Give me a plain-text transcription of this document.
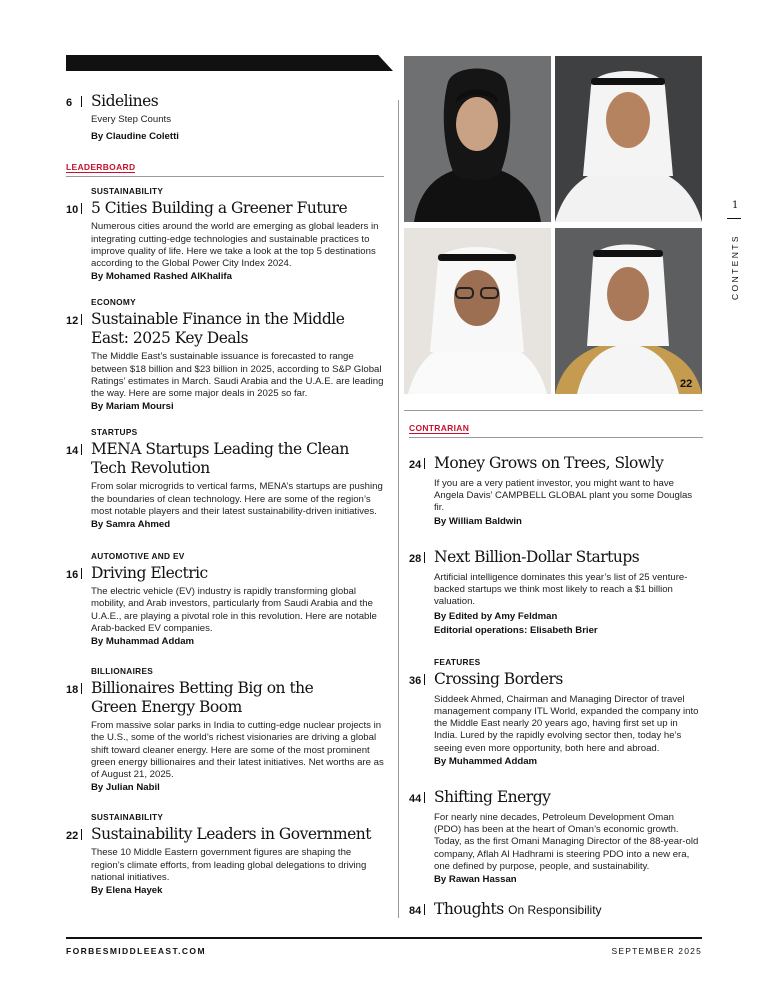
6	Sidelines
Every Step Counts
By Claudine Coletti
LEADERBOARD
SUSTAINABILITY
10 5 Cities Building a Greener Future
Numerous cities around the world are emerging as global leaders in integrating cutting-edge technologies and sustainable practices to improve quality of life. Here we take a look at the top 5 destinations according to the Global Power City Index 2024.
By Mohamed Rashed AlKhalifa
ECONOMY
12 Sustainable Finance in the Middle East: 2025 Key Deals
The Middle East’s sustainable issuance is forecasted to range between $18 billion and $23 billion in 2025, according to S&P Global Ratings’ estimates in March. Saudi Arabia and the U.A.E. are leading the way. Here are some major deals in 2025 so far.
By Mariam Moursi
STARTUPS
14 MENA Startups Leading the Clean Tech Revolution
From solar microgrids to vertical farms, MENA’s startups are pushing the boundaries of clean technology. Here are some of the region’s most notable players and their latest sustainability-driven initiatives.
By Samra Ahmed
AUTOMOTIVE AND EV
16 Driving Electric
The electric vehicle (EV) industry is rapidly transforming global mobility, and Arab investors, particularly from Saudi Arabia and the U.A.E., are playing a pivotal role in this revolution. Here are notable Arab-backed EV companies.
By Muhammad Addam
BILLIONAIRES
18 Billionaires Betting Big on the Green Energy Boom
From massive solar parks in India to cutting-edge nuclear projects in the U.S., some of the world’s richest visionaries are driving a global shift toward cleaner energy. Here are some of the most prominent green energy billionaires and their latest initiatives. Net worths are as of August 21, 2025.
By Julian Nabil
SUSTAINABILITY
22 Sustainability Leaders in Government
These 10 Middle Eastern government figures are shaping the region’s climate efforts, from leading global delegations to driving national initiatives.
By Elena Hayek
22
CONTRARIAN
24 Money Grows on Trees, Slowly
If you are a very patient investor, you might want to have Angela Davis’ CAMPBELL GLOBAL plant you some Douglas fir.
By William Baldwin
28 Next Billion-Dollar Startups
Artificial intelligence dominates this year’s list of 25 venture-backed startups we think most likely to reach a $1 billion valuation.
By Edited by Amy Feldman
Editorial operations: Elisabeth Brier
FEATURES
36 Crossing Borders
Siddeek Ahmed, Chairman and Managing Director of travel management company ITL World, expanded the company into the Middle East nearly 20 years ago, having first set up in India. Lured by the rapidly evolving sector then, today he’s seeing even more opportunity, both here and abroad.
By Muhammed Addam
44 Shifting Energy
For nearly nine decades, Petroleum Development Oman (PDO) has been at the heart of Oman’s economic growth. Today, as the first Omani Managing Director of the 88-year-old company, Aflah Al Hadhrami is steering PDO into a new era, one defined by purpose, people, and sustainability.
By Rawan Hassan
84 Thoughts On Responsibility
1
CONTENTS
FORBESMIDDLEEAST.COM	SEPTEMBER 2025
